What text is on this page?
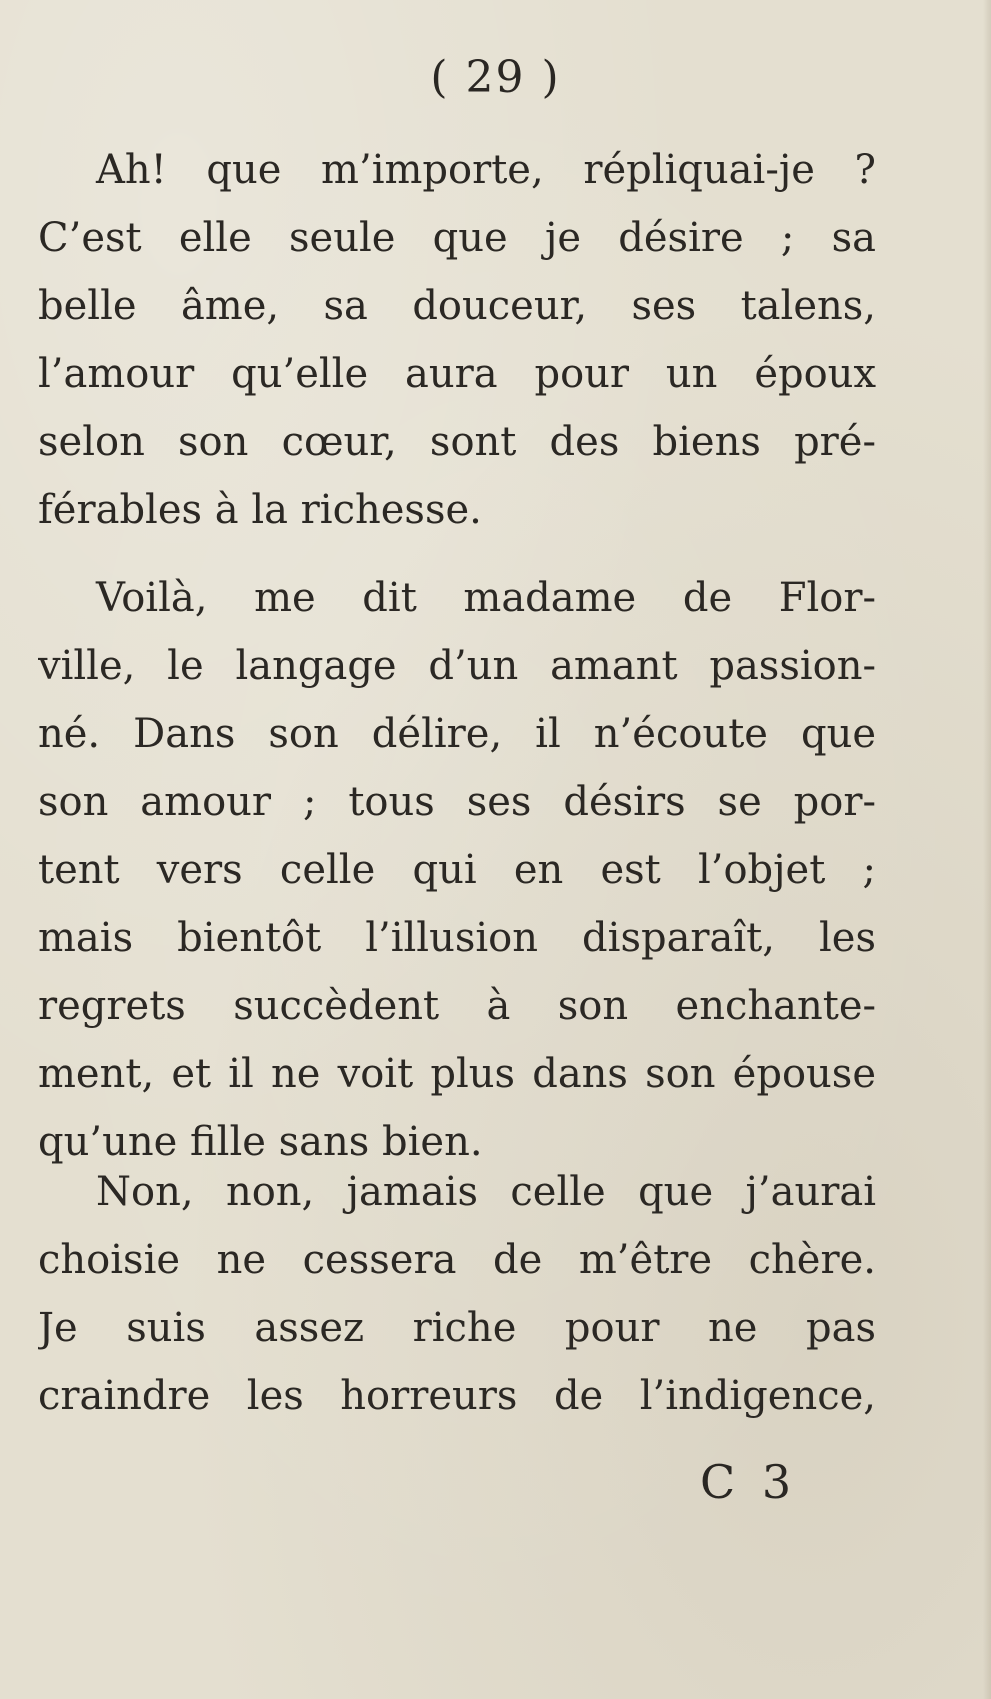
( 29 )
Ah! que m’importe, répliquai-je ?
C’est elle seule que je désire ; sa
belle âme, sa douceur, ses talens,
l’amour qu’elle aura pour un époux
selon son cœur, sont des biens pré-
férables à la richesse.
Voilà, me dit madame de Flor-
ville, le langage d’un amant passion-
né. Dans son délire, il n’écoute que
son amour ; tous ses désirs se por-
tent vers celle qui en est l’objet ;
mais bientôt l’illusion disparaît, les
regrets succèdent à son enchante-
ment, et il ne voit plus dans son épouse
qu’une fille sans bien.
Non, non, jamais celle que j’aurai
choisie ne cessera de m’être chère.
Je suis assez riche pour ne pas
craindre les horreurs de l’indigence,
C 3
